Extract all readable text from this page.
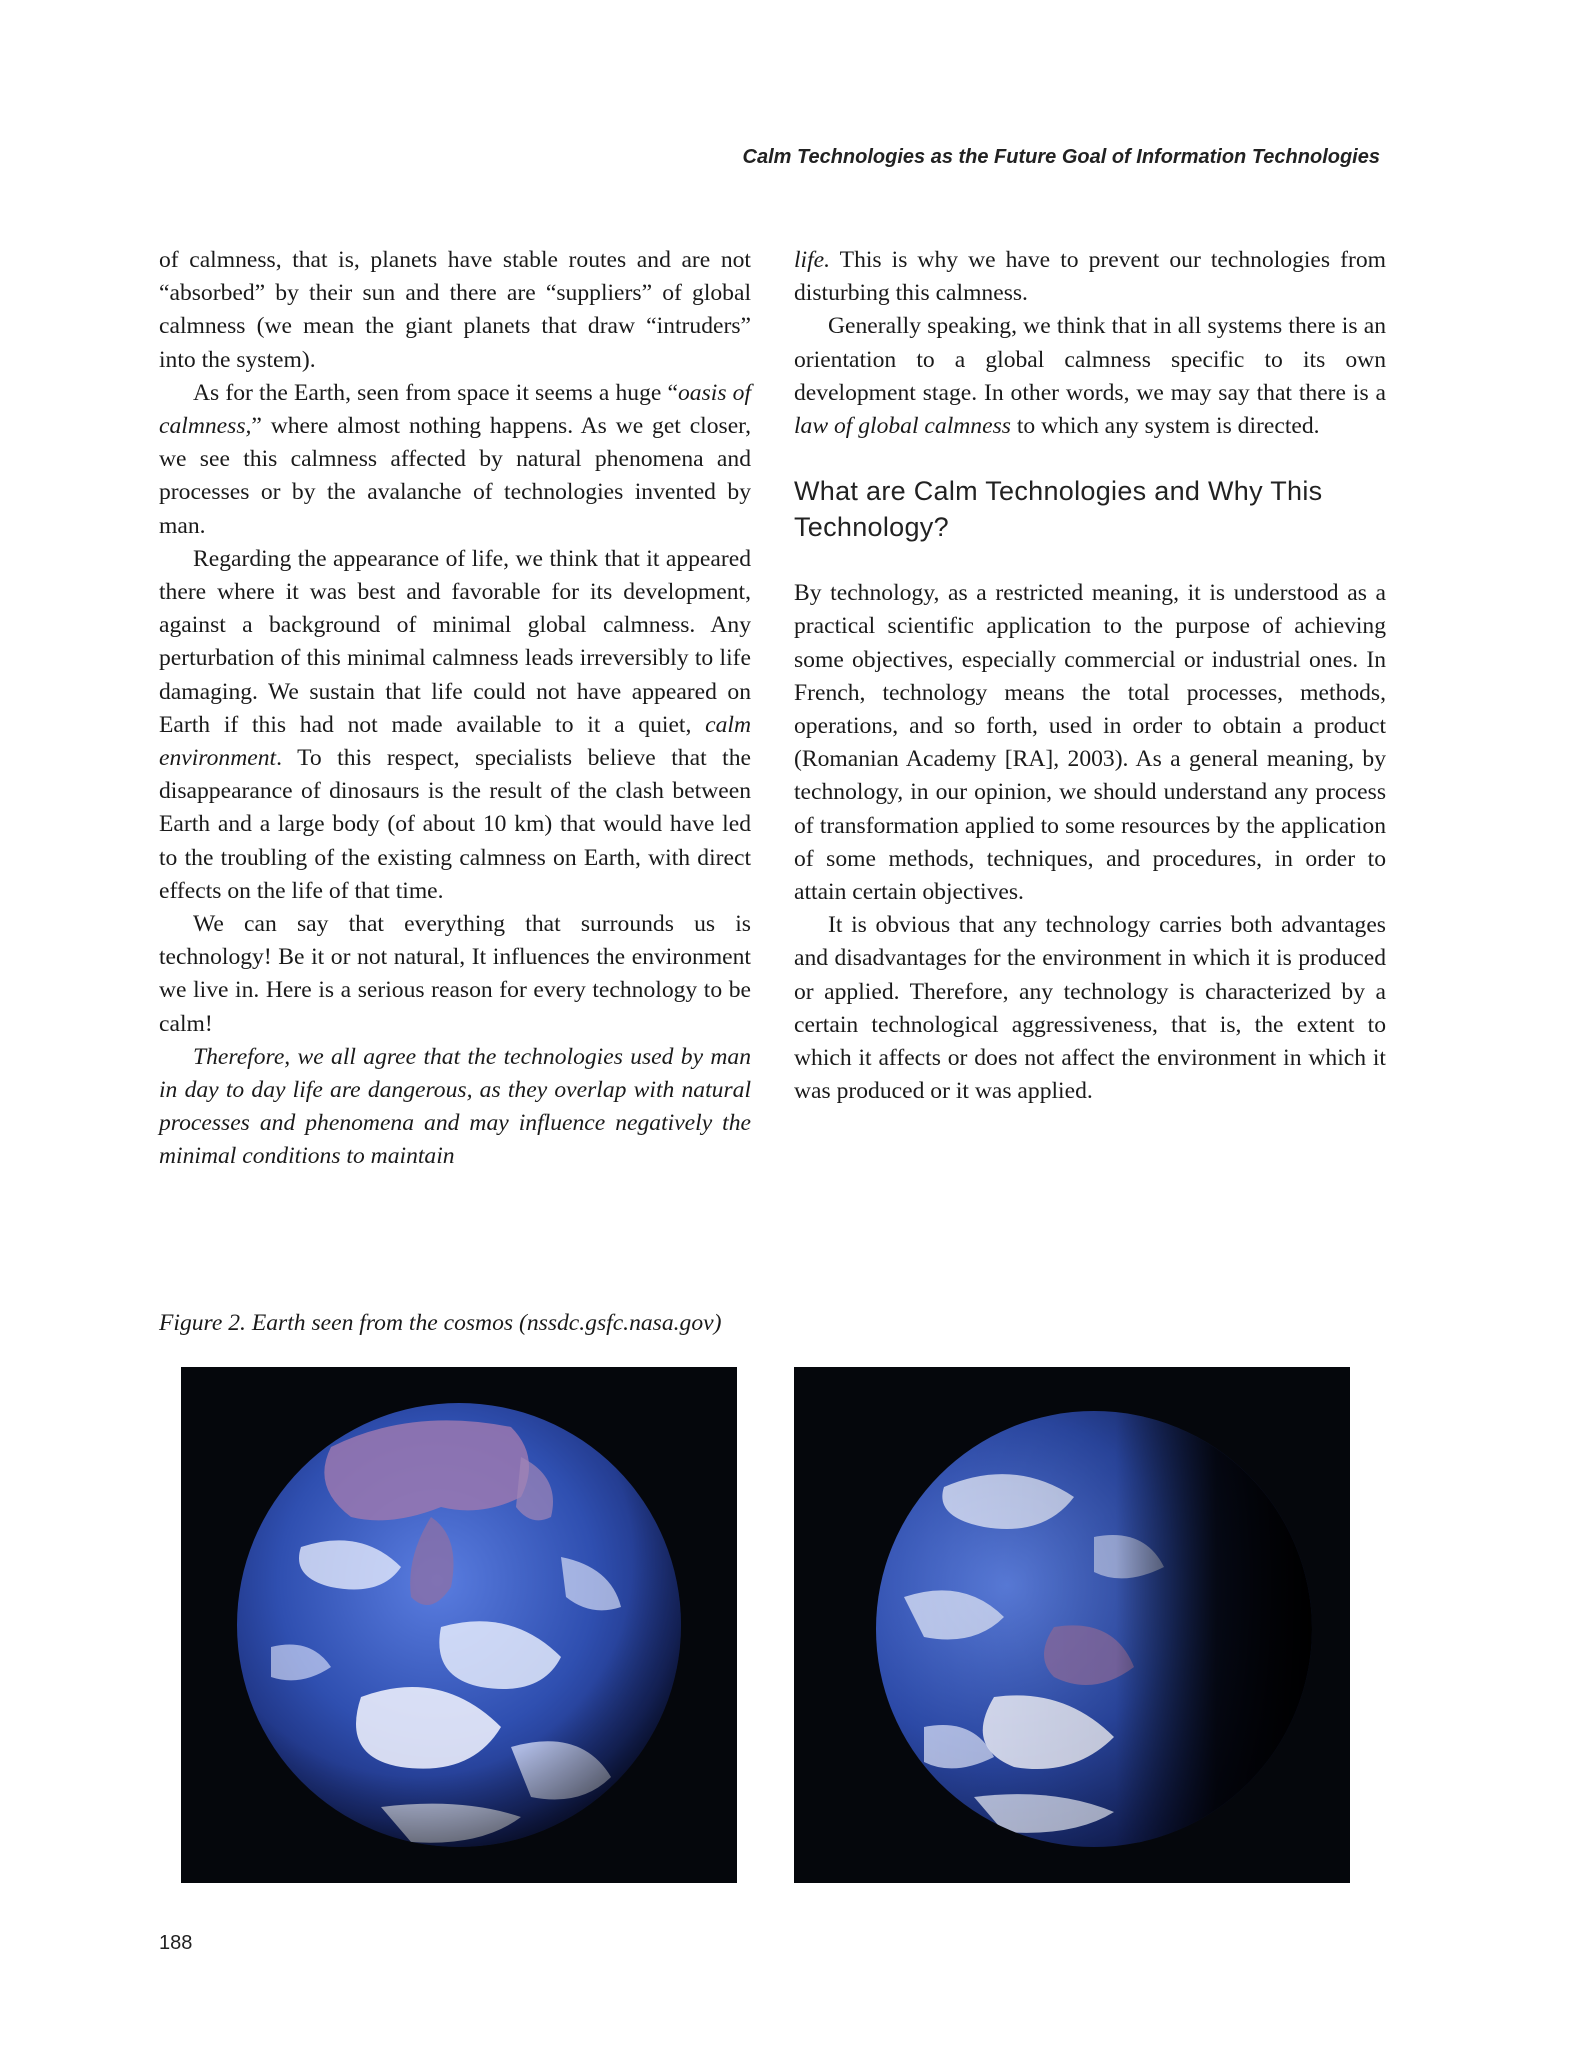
Calm Technologies as the Future Goal of Information Technologies

of calmness, that is, planets have stable routes and are not “absorbed” by their sun and there are “suppliers” of global calmness (we mean the giant planets that draw “intruders” into the system).

As for the Earth, seen from space it seems a huge “oasis of calmness,” where almost nothing happens. As we get closer, we see this calmness affected by natural phenomena and processes or by the avalanche of technologies invented by man.

Regarding the appearance of life, we think that it appeared there where it was best and favorable for its development, against a background of minimal global calmness. Any perturbation of this minimal calmness leads irreversibly to life damaging. We sustain that life could not have appeared on Earth if this had not made available to it a quiet, calm environment. To this respect, specialists believe that the disappearance of dinosaurs is the result of the clash between Earth and a large body (of about 10 km) that would have led to the troubling of the existing calmness on Earth, with direct effects on the life of that time.

We can say that everything that surrounds us is technology! Be it or not natural, It influences the environment we live in. Here is a serious reason for every technology to be calm!

Therefore, we all agree that the technologies used by man in day to day life are dangerous, as they overlap with natural processes and phenomena and may influence negatively the minimal conditions to maintain

life. This is why we have to prevent our technologies from disturbing this calmness.

Generally speaking, we think that in all systems there is an orientation to a global calmness specific to its own development stage. In other words, we may say that there is a law of global calmness to which any system is directed.

What are Calm Technologies and Why This Technology?

By technology, as a restricted meaning, it is understood as a practical scientific application to the purpose of achieving some objectives, especially commercial or industrial ones. In French, technology means the total processes, methods, operations, and so forth, used in order to obtain a product (Romanian Academy [RA], 2003). As a general meaning, by technology, in our opinion, we should understand any process of transformation applied to some resources by the application of some methods, techniques, and procedures, in order to attain certain objectives.

It is obvious that any technology carries both advantages and disadvantages for the environment in which it is produced or applied. Therefore, any technology is characterized by a certain technological aggressiveness, that is, the extent to which it affects or does not affect the environment in which it was produced or it was applied.

Figure 2. Earth seen from the cosmos (nssdc.gsfc.nasa.gov)
188
